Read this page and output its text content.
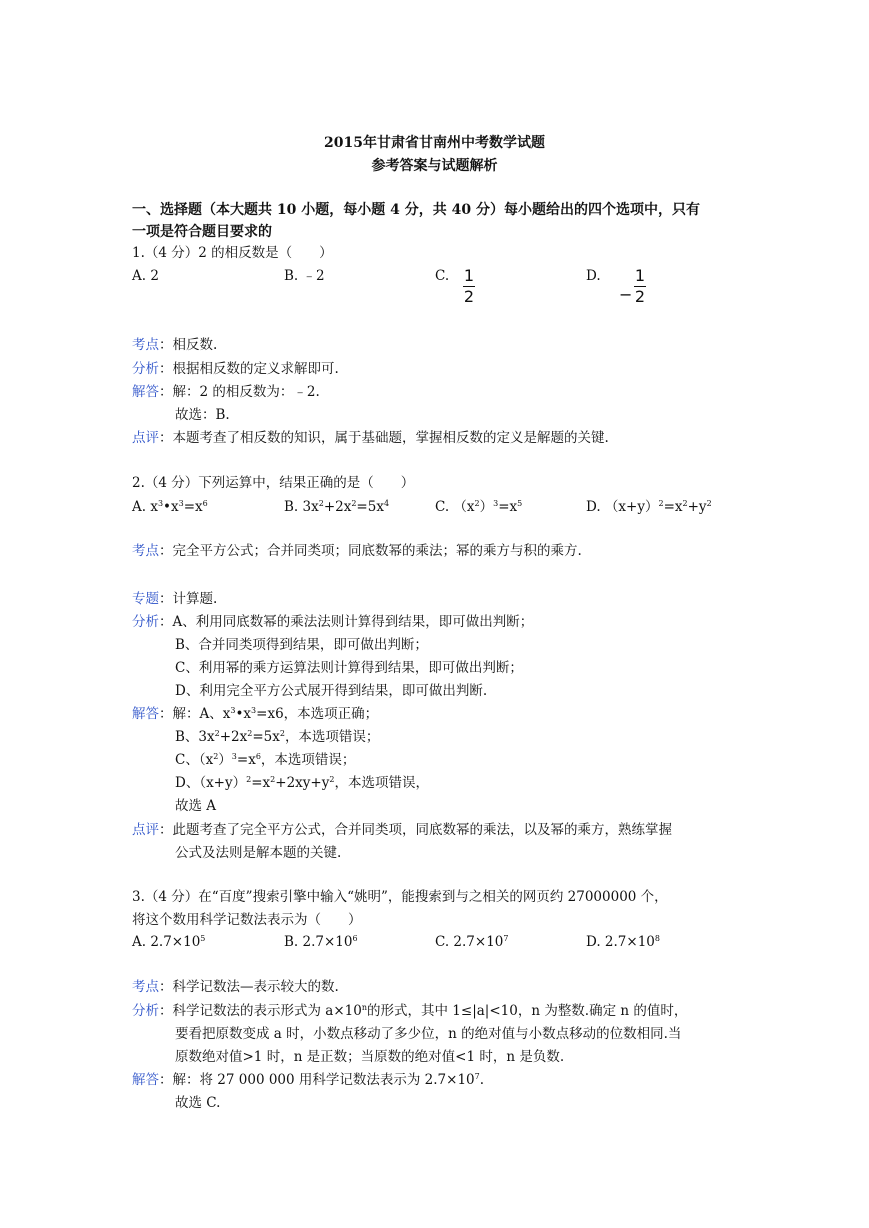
2015年甘肃省甘南州中考数学试题
参考答案与试题解析
一、选择题（本大题共 10 小题，每小题 4 分，共 40 分）每小题给出的四个选项中，只有
一项是符合题目要求的
1.（4 分）2 的相反数是（　　）
A. 2	B. ﹣2	C. 1
2
D.
−
1
2
考点：相反数.
分析：根据相反数的定义求解即可.
解答：解：2 的相反数为：﹣2.
故选：B.
点评：本题考查了相反数的知识，属于基础题，掌握相反数的定义是解题的关键.
2.（4 分）下列运算中，结果正确的是（　　）
A. $x^3•x^3=x^6$	B. $3x^2+2x^2=5x^4$	C. $(x^2)^3=x^5$	D. $(x+y)^2=x^2+y^2$
考点：完全平方公式；合并同类项；同底数幂的乘法；幂的乘方与积的乘方.
专题：计算题.
分析：A、利用同底数幂的乘法法则计算得到结果，即可做出判断；
B、合并同类项得到结果，即可做出判断；
C、利用幂的乘方运算法则计算得到结果，即可做出判断；
D、利用完全平方公式展开得到结果，即可做出判断.
解答：解：A、$x^3•x^3=x6$，本选项正确；
B、$3x^2+2x^2=5x^2$，本选项错误；
C、$(x^2)^3=x^6$，本选项错误；
D、$(x+y)^2=x^2+2xy+y^2$，本选项错误，
故选 A
点评：此题考查了完全平方公式，合并同类项，同底数幂的乘法，以及幂的乘方，熟练掌握
公式及法则是解本题的关键.
3.（4 分）在“百度”搜索引擎中输入“姚明”，能搜索到与之相关的网页约 27000000 个，
将这个数用科学记数法表示为（　　）
A. $2.7\times 10^5$	B. $2.7\times 10^6$	C. $2.7\times 10^7$	D. $2.7\times 10^8$
考点：科学记数法—表示较大的数.
分析：科学记数法的表示形式为 $a\times 10^n$的形式，其中 1≤|a|<10，n 为整数.确定 n 的值时，
要看把原数变成 a 时，小数点移动了多少位，n 的绝对值与小数点移动的位数相同.当
原数绝对值>1 时，n 是正数；当原数的绝对值<1 时，n 是负数.
解答：解：将 27 000 000 用科学记数法表示为 $2.7\times 10^7$.
故选 C.
